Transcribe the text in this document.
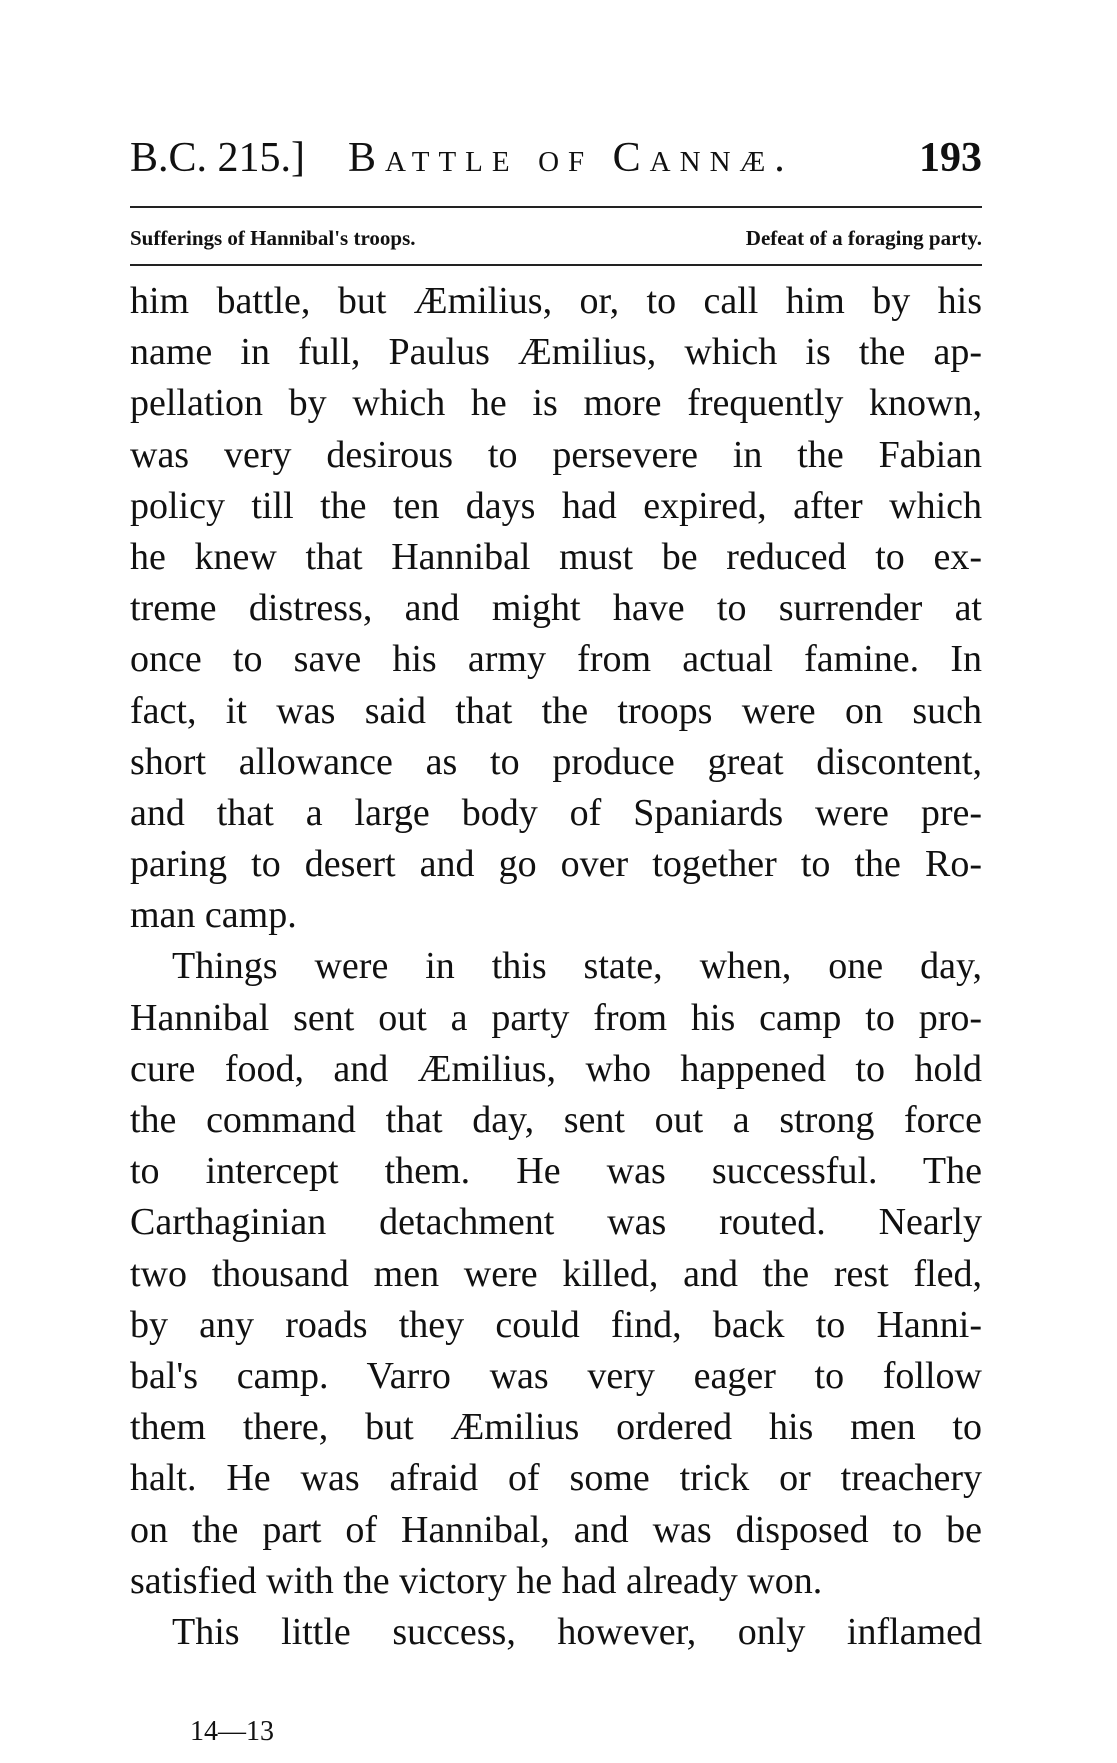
B.C. 215.] Battle of Cannæ.	193
Sufferings of Hannibal's troops.	Defeat of a foraging party.
him battle, but Æmilius, or, to call him by his
name in full, Paulus Æmilius, which is the ap-
pellation by which he is more frequently known,
was very desirous to persevere in the Fabian
policy till the ten days had expired, after which
he knew that Hannibal must be reduced to ex-
treme distress, and might have to surrender at
once to save his army from actual famine. In
fact, it was said that the troops were on such
short allowance as to produce great discontent,
and that a large body of Spaniards were pre-
paring to desert and go over together to the Ro-
man camp.
Things were in this state, when, one day,
Hannibal sent out a party from his camp to pro-
cure food, and Æmilius, who happened to hold
the command that day, sent out a strong force
to intercept them. He was successful. The
Carthaginian detachment was routed. Nearly
two thousand men were killed, and the rest fled,
by any roads they could find, back to Hanni-
bal's camp. Varro was very eager to follow
them there, but Æmilius ordered his men to
halt. He was afraid of some trick or treachery
on the part of Hannibal, and was disposed to be
satisfied with the victory he had already won.
This little success, however, only inflamed
14—13
